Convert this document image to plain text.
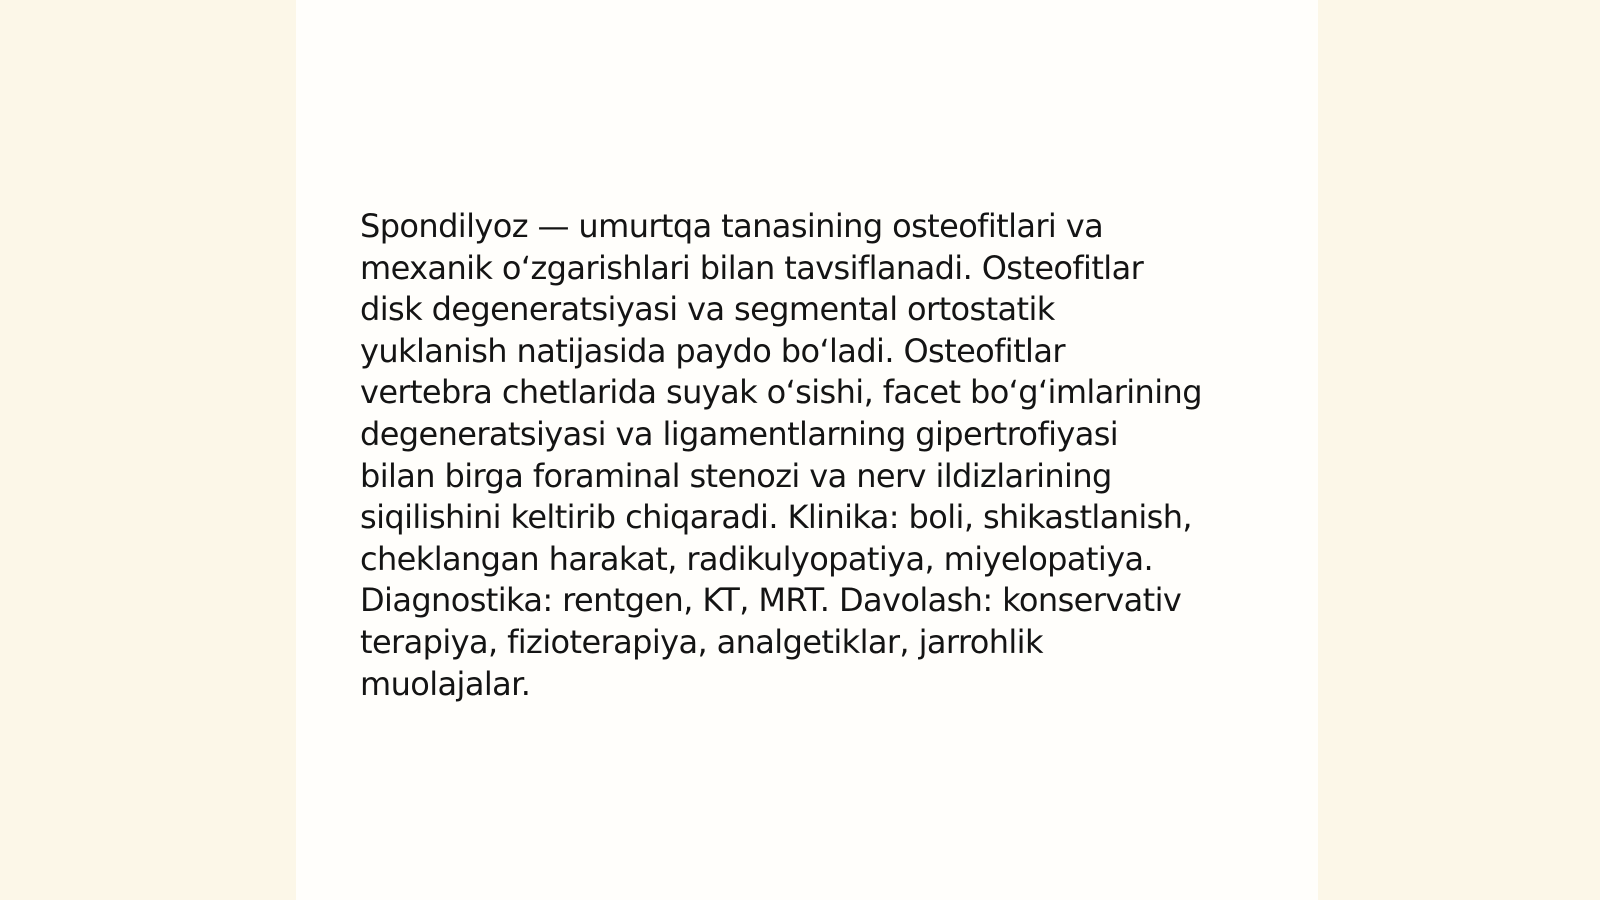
Spondilyoz — umurtqa tanasining osteofitlari va
mexanik oʻzgarishlari bilan tavsiflanadi. Osteofitlar
disk degeneratsiyasi va segmental ortostatik
yuklanish natijasida paydo boʻladi. Osteofitlar
vertebra chetlarida suyak oʻsishi, facet boʻgʻimlarining
degeneratsiyasi va ligamentlarning gipertrofiyasi
bilan birga foraminal stenozi va nerv ildizlarining
siqilishini keltirib chiqaradi. Klinika: boli, shikastlanish,
cheklangan harakat, radikulyopatiya, miyelopatiya.
Diagnostika: rentgen, KT, MRT. Davolash: konservativ
terapiya, fizioterapiya, analgetiklar, jarrohlik
muolajalar.
